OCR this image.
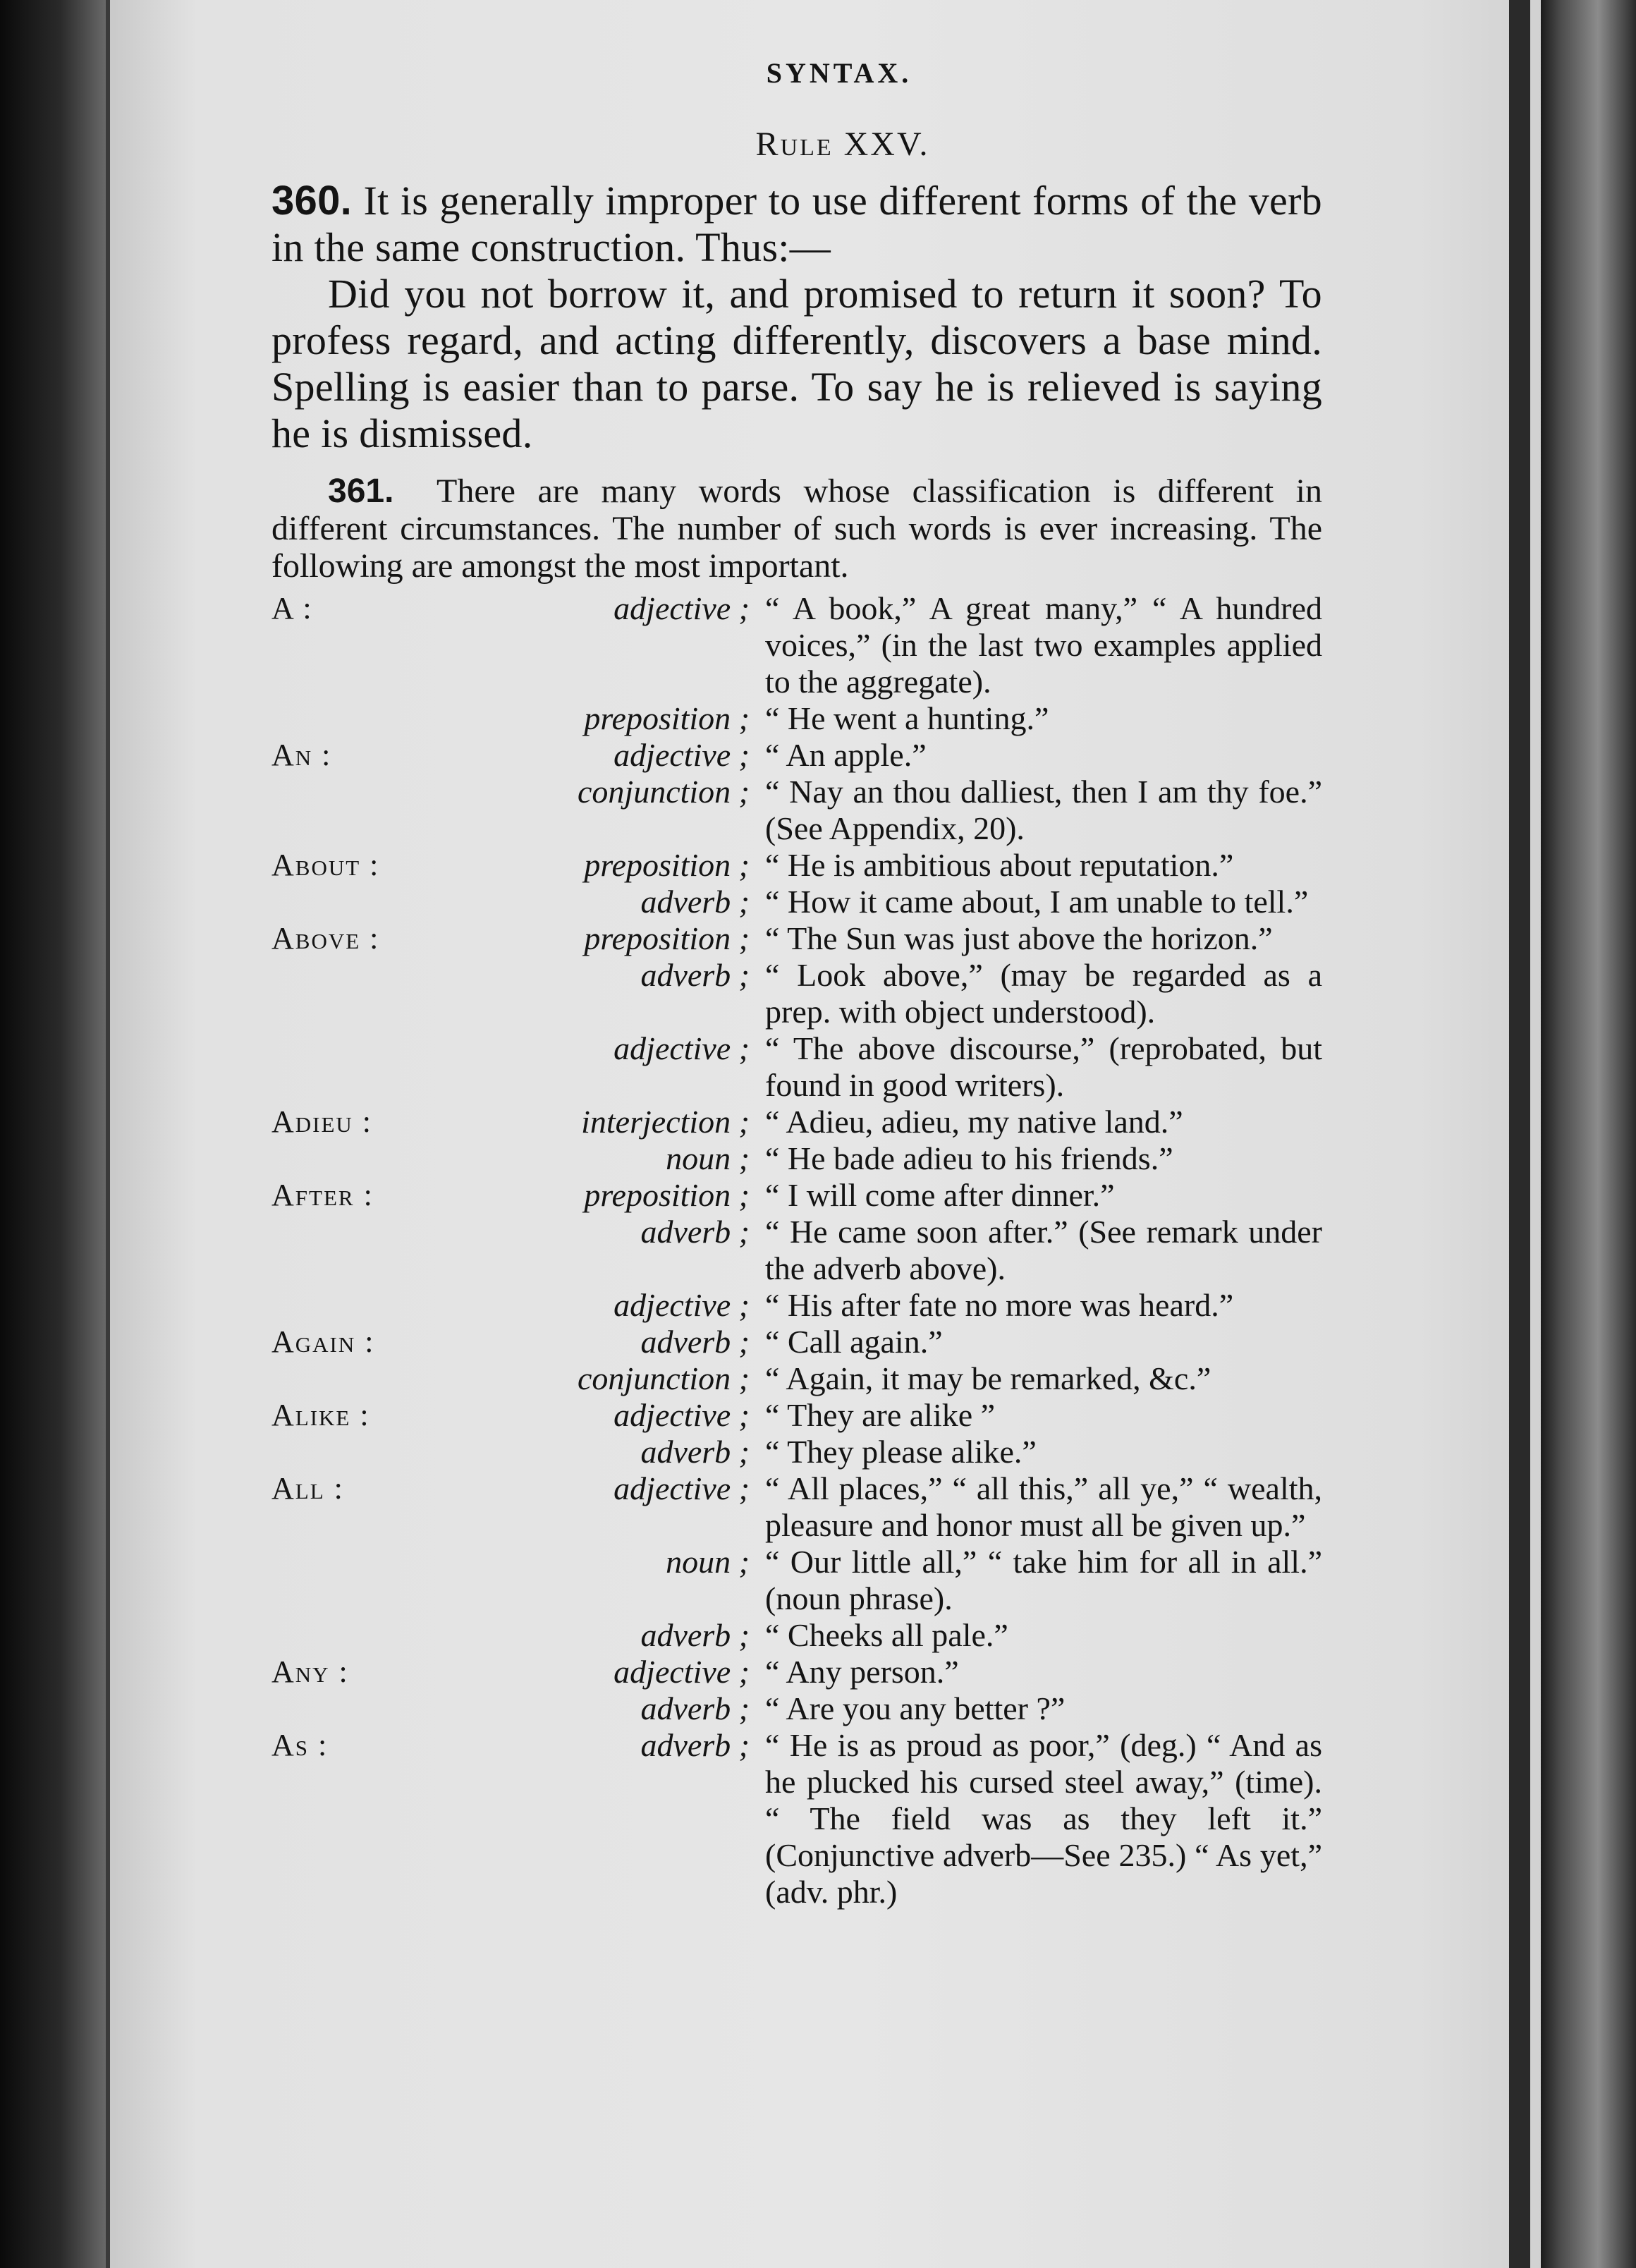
SYNTAX.
Rule XXV.

360. It is generally improper to use different forms of the verb in the same construction. Thus:—

Did you not borrow it, and promised to return it soon? To profess regard, and acting differently, discovers a base mind. Spelling is easier than to parse. To say he is relieved is saying he is dismissed.

361. There are many words whose classification is different in different circumstances. The number of such words is ever increasing. The following are amongst the most important.

A :	adjective ; “ A book,” A great many,” “ A hundred voices,” (in the last two examples applied to the aggregate).
preposition ; “ He went a hunting.”
An :	adjective ; “ An apple.”
conjunction ; “ Nay an thou dalliest, then I am thy foe.” (See Appendix, 20).
About :	preposition ; “ He is ambitious about reputation.”
adverb ; “ How it came about, I am unable to tell.”
Above :	preposition ; “ The Sun was just above the horizon.”
adverb ; “ Look above,” (may be regarded as a prep. with object understood).
adjective ; “ The above discourse,” (reprobated, but found in good writers).
Adieu :	interjection ; “ Adieu, adieu, my native land.”
noun ; “ He bade adieu to his friends.”
After :	preposition ; “ I will come after dinner.”
adverb ; “ He came soon after.” (See remark under the adverb above).
adjective ; “ His after fate no more was heard.”
Again :	adverb ; “ Call again.”
conjunction ; “ Again, it may be remarked, &c.”
Alike :	adjective ; “ They are alike ”
adverb ; “ They please alike.”
All :	adjective ; “ All places,” “ all this,” all ye,” “ wealth, pleasure and honor must all be given up.”
noun ; “ Our little all,” “ take him for all in all.” (noun phrase).
adverb ; “ Cheeks all pale.”
Any :	adjective ; “ Any person.”
adverb ; “ Are you any better ?”
As :	adverb ; “ He is as proud as poor,” (deg.) “ And as he plucked his cursed steel away,” (time). “ The field was as they left it.” (Conjunctive adverb—See 235.) “ As yet,” (adv. phr.)
